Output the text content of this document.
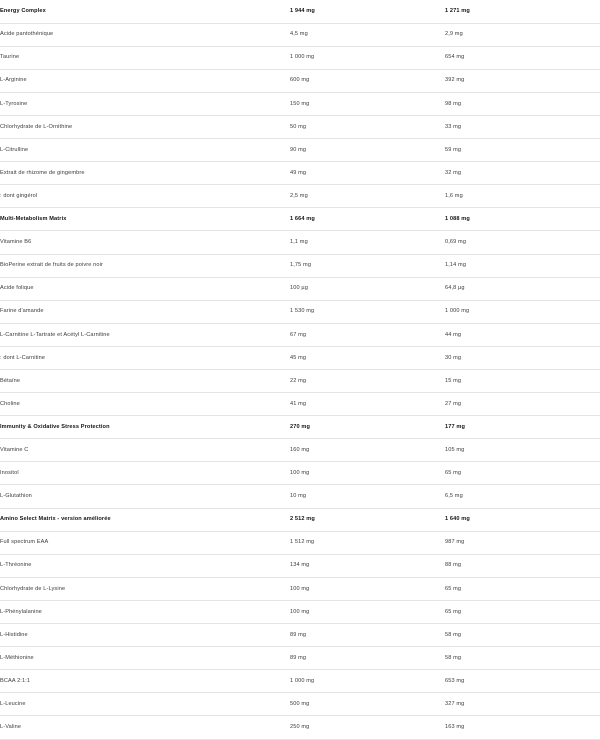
Energy Complex	1 944 mg	1 271 mg
Acide pantothénique	4,5 mg	2,9 mg
Taurine	1 000 mg	654 mg
L-Arginine	600 mg	392 mg
L-Tyrosine	150 mg	98 mg
Chlorhydrate de L-Ornithine	50 mg	33 mg
L-Citrulline	90 mg	59 mg
Extrait de rhizome de gingembre	49 mg	32 mg
: dont gingérol	2,5 mg	1,6 mg
Multi-Metabolism Matrix	1 664 mg	1 088 mg
Vitamine B6	1,1 mg	0,69 mg
BioPerine extrait de fruits de poivre noir	1,75 mg	1,14 mg
Acide folique	100 µg	64,8 µg
Farine d'amande	1 530 mg	1 000 mg
L-Carnitine L-Tartrate et Acétyl L-Carnitine	67 mg	44 mg
: dont L-Carnitine	45 mg	30 mg
Bétaïne	22 mg	15 mg
Choline	41 mg	27 mg
Immunity & Oxidative Stress Protection	270 mg	177 mg
Vitamine C	160 mg	105 mg
Inositol	100 mg	65 mg
L-Glutathion	10 mg	6,5 mg
Amino Select Matrix - version améliorée	2 512 mg	1 640 mg
Full spectrum EAA	1 512 mg	987 mg
L-Thréonine	134 mg	88 mg
Chlorhydrate de L-Lysine	100 mg	65 mg
L-Phénylalanine	100 mg	65 mg
L-Histidine	89 mg	58 mg
L-Méthionine	89 mg	58 mg
BCAA 2:1:1	1 000 mg	653 mg
L-Leucine	500 mg	327 mg
L-Valine	250 mg	163 mg
